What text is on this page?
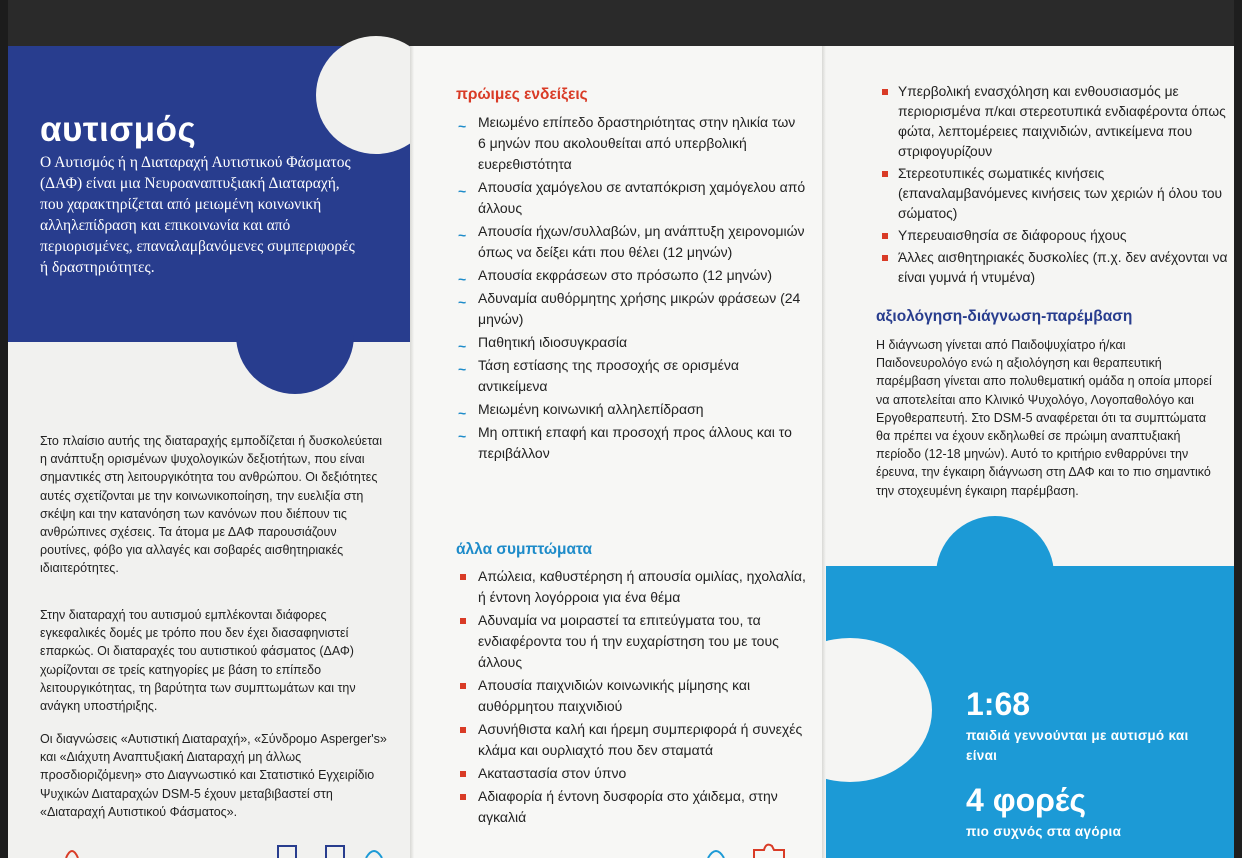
αυτισμός
Ο Αυτισμός ή η Διαταραχή Αυτιστικού Φάσματος (ΔΑΦ) είναι μια Νευροαναπτυξιακή Διαταραχή, που χαρακτηρίζεται από μειωμένη κοινωνική αλληλεπίδραση και επικοινωνία και από περιορισμένες, επαναλαμβανόμενες συμπεριφορές ή δραστηριότητες.
Στο πλαίσιο αυτής της διαταραχής εμποδίζεται ή δυσκολεύεται η ανάπτυξη ορισμένων ψυχολογικών δεξιοτήτων, που είναι σημαντικές στη λειτουργικότητα του ανθρώπου. Οι δεξιότητες αυτές σχετίζονται με την κοινωνικοποίηση, την ευελιξία στη σκέψη και την κατανόηση των κανόνων που διέπουν τις ανθρώπινες σχέσεις. Τα άτομα με ΔΑΦ παρουσιάζουν ρουτίνες, φόβο για αλλαγές και σοβαρές αισθητηριακές ιδιαιτερότητες.
Στην διαταραχή του αυτισμού εμπλέκονται διάφορες εγκεφαλικές δομές με τρόπο που δεν έχει διασαφηνιστεί επαρκώς. Οι διαταραχές του αυτιστικού φάσματος (ΔΑΦ) χωρίζονται σε τρείς κατηγορίες με βάση το επίπεδο λειτουργικότητας, τη βαρύτητα των συμπτωμάτων και την ανάγκη υποστήριξης.
Οι διαγνώσεις «Αυτιστική Διαταραχή», «Σύνδρομο Asperger's» και «Διάχυτη Αναπτυξιακή Διαταραχή μη άλλως προσδιοριζόμενη» στο Διαγνωστικό και Στατιστικό Εγχειρίδιο Ψυχικών Διαταραχών DSM-5 έχουν μεταβιβαστεί στη «Διαταραχή Αυτιστικού Φάσματος».
πρώιμες ενδείξεις
~ Μειωμένο επίπεδο δραστηριότητας στην ηλικία των 6 μηνών που ακολουθείται από υπερβολική ευερεθιστότητα
~ Απουσία χαμόγελου σε ανταπόκριση χαμόγελου από άλλους
~ Απουσία ήχων/συλλαβών, μη ανάπτυξη χειρονομιών όπως να δείξει κάτι που θέλει (12 μηνών)
~ Απουσία εκφράσεων στο πρόσωπο (12 μηνών)
~ Αδυναμία αυθόρμητης χρήσης μικρών φράσεων (24 μηνών)
~ Παθητική ιδιοσυγκρασία
~ Τάση εστίασης της προσοχής σε ορισμένα αντικείμενα
~ Μειωμένη κοινωνική αλληλεπίδραση
~ Μη οπτική επαφή και προσοχή προς άλλους και το περιβάλλον
άλλα συμπτώματα
Απώλεια, καθυστέρηση ή απουσία ομιλίας, ηχολαλία, ή έντονη λογόρροια για ένα θέμα
Αδυναμία να μοιραστεί τα επιτεύγματα του, τα ενδιαφέροντα του ή την ευχαρίστηση του με τους άλλους
Απουσία παιχνιδιών κοινωνικής μίμησης και αυθόρμητου παιχνιδιού
Ασυνήθιστα καλή και ήρεμη συμπεριφορά ή συνεχές κλάμα και ουρλιαχτό που δεν σταματά
Ακαταστασία στον ύπνο
Αδιαφορία ή έντονη δυσφορία στο χάιδεμα, στην αγκαλιά
Υπερβολική ενασχόληση και ενθουσιασμός με περιορισμένα π/και στερεοτυπικά ενδιαφέροντα όπως φώτα, λεπτομέρειες παιχνιδιών, αντικείμενα που στριφογυρίζουν
Στερεοτυπικές σωματικές κινήσεις (επαναλαμβανόμενες κινήσεις των χεριών ή όλου του σώματος)
Υπερευαισθησία σε διάφορους ήχους
Άλλες αισθητηριακές δυσκολίες (π.χ. δεν ανέχονται να είναι γυμνά ή ντυμένα)
αξιολόγηση-διάγνωση-παρέμβαση
Η διάγνωση γίνεται από Παιδοψυχίατρο ή/και Παιδονευρολόγο ενώ η αξιολόγηση και θεραπευτική παρέμβαση γίνεται απο πολυθεματική ομάδα η οποία μπορεί να αποτελείται απο Κλινικό Ψυχολόγο, Λογοπαθολόγο και Εργοθεραπευτή. Στο DSM-5 αναφέρεται ότι τα συμπτώματα θα πρέπει να έχουν εκδηλωθεί σε πρώιμη αναπτυξιακή περίοδο (12-18 μηνών). Αυτό το κριτήριο ενθαρρύνει την έρευνα, την έγκαιρη διάγνωση στη ΔΑΦ και το πιο σημαντικό την στοχευμένη έγκαιρη παρέμβαση.
1:68
παιδιά γεννούνται με αυτισμό και είναι
4 φορές
πιο συχνός στα αγόρια
